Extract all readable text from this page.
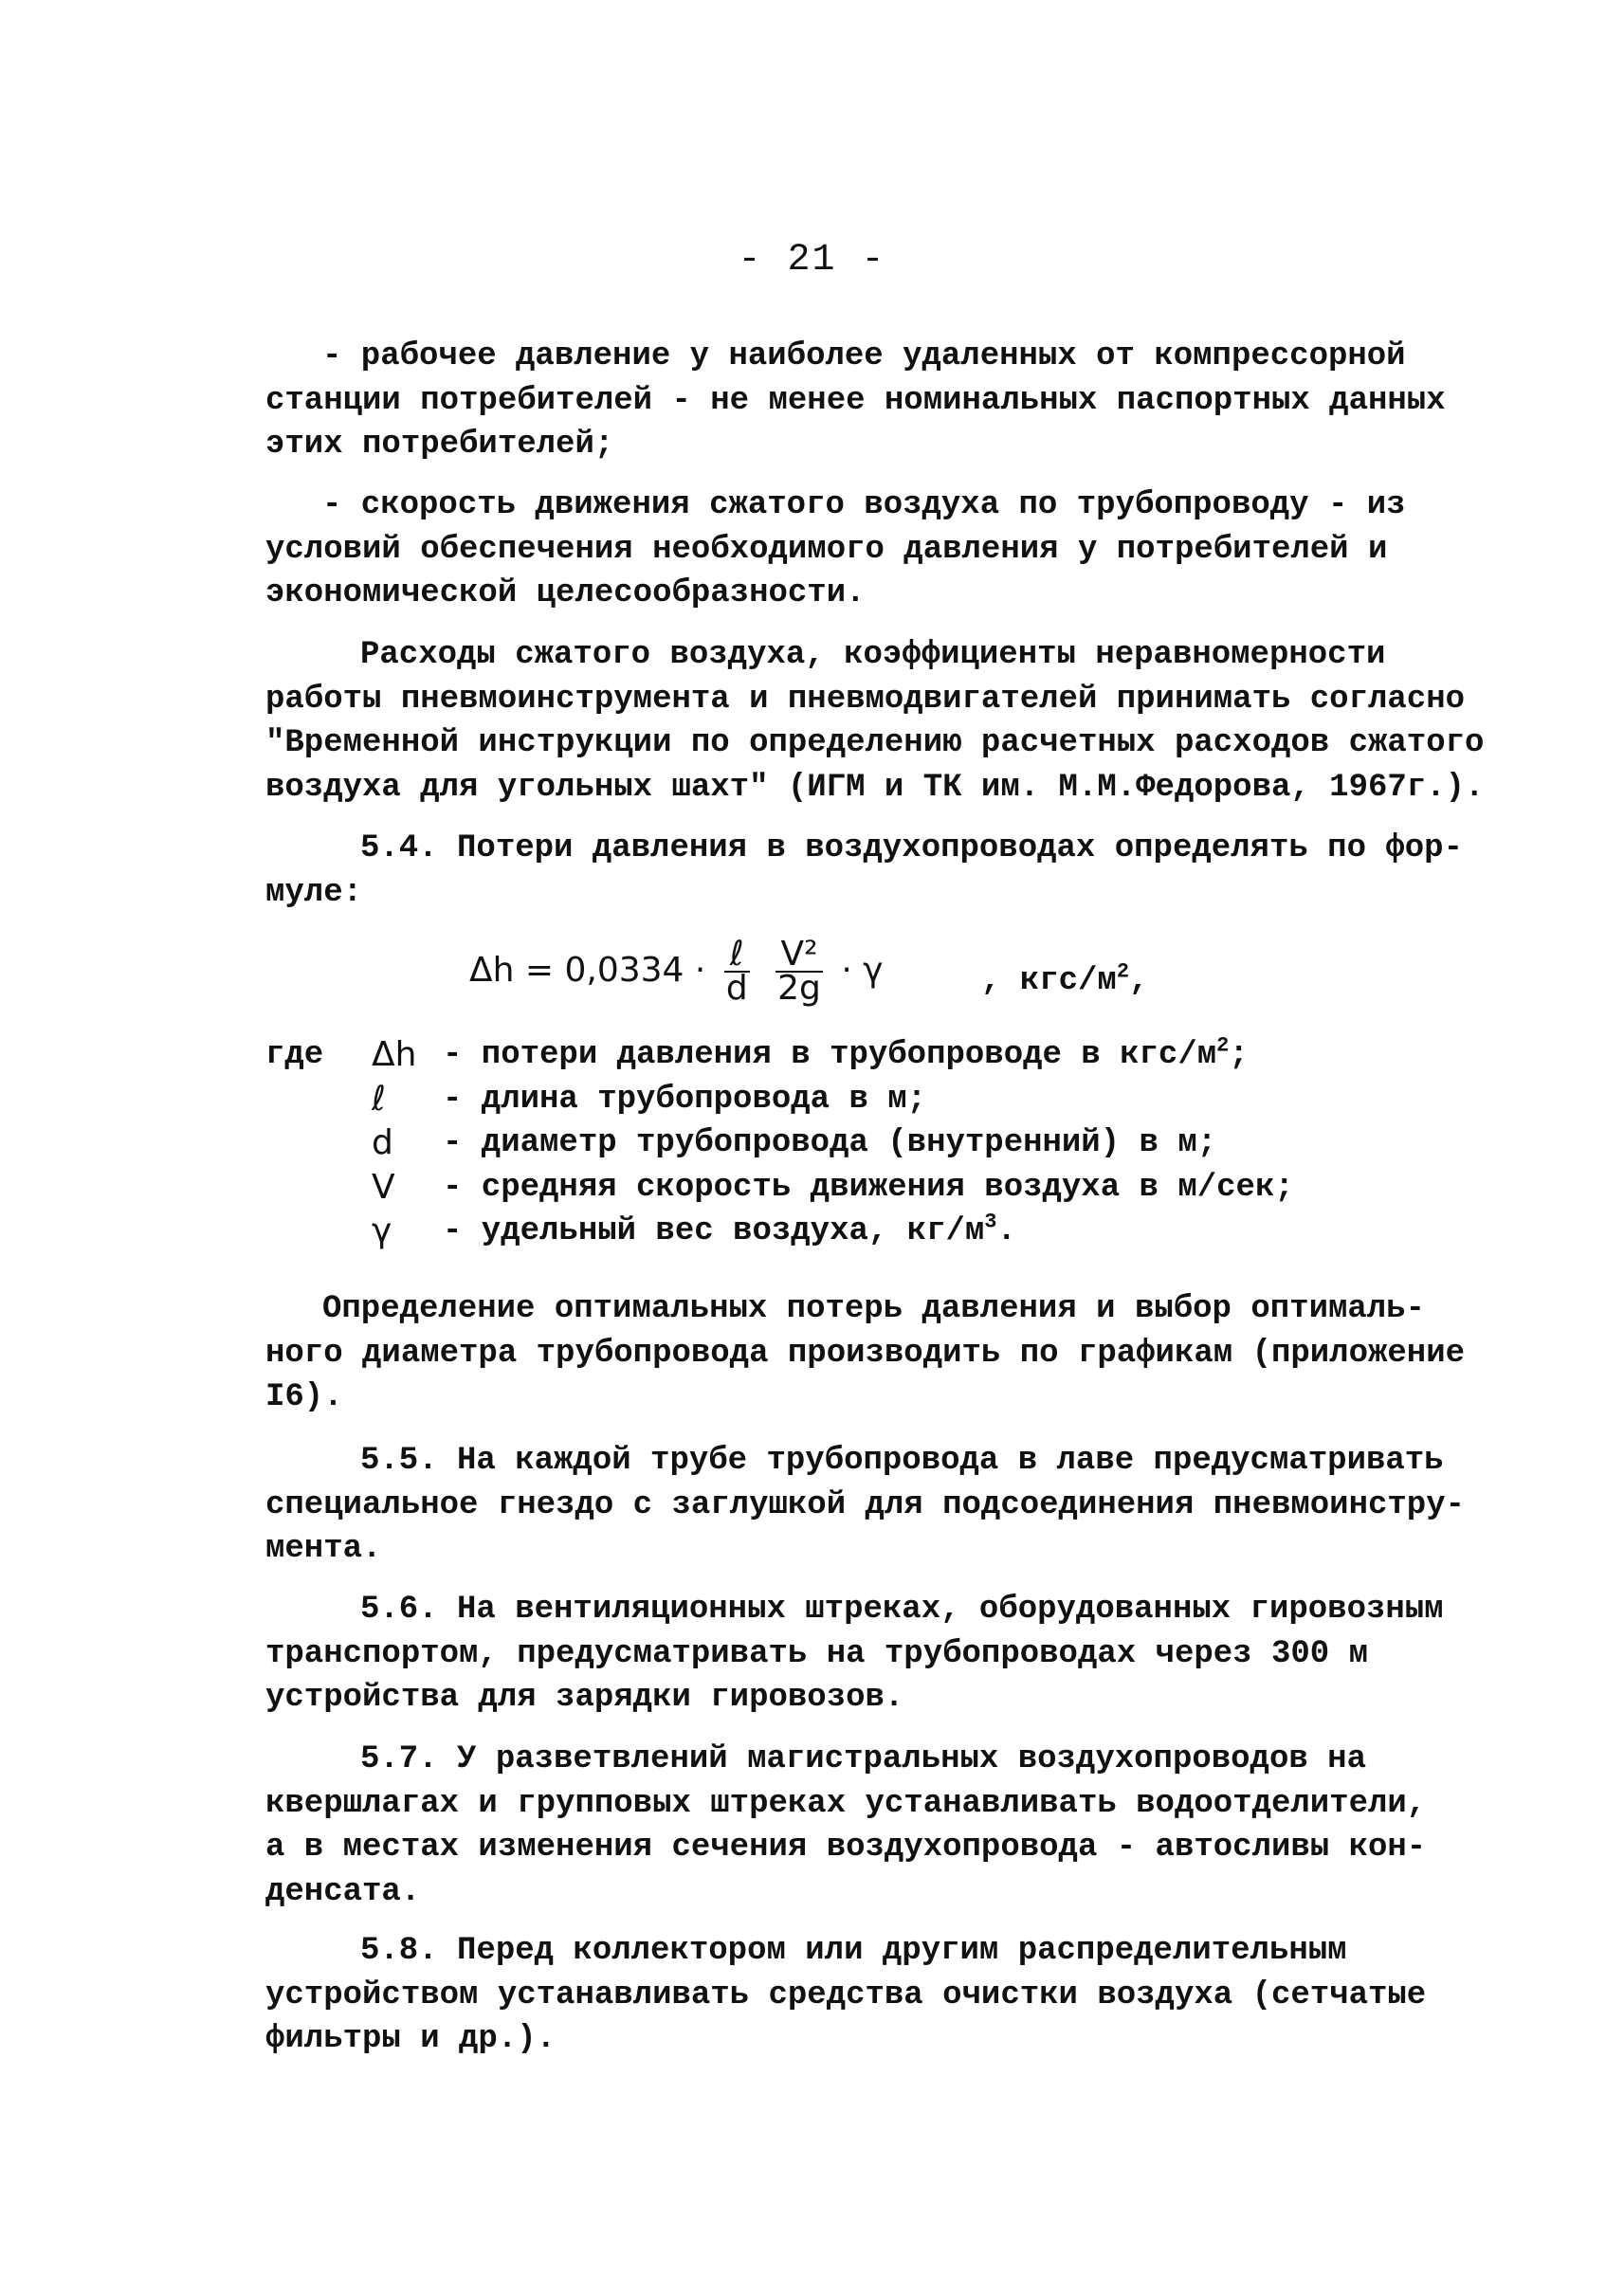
- 21 -
- рабочее давление у наиболее удаленных от компрессорной
станции потребителей - не менее номинальных паспортных данных
этих потребителей;
- скорость движения сжатого воздуха по трубопроводу - из
условий обеспечения необходимого давления у потребителей и
экономической целесообразности.
Расходы сжатого воздуха, коэффициенты неравномерности
работы пневмоинструмента и пневмодвигателей принимать согласно
"Временной инструкции по определению расчетных расходов сжатого
воздуха для угольных шахт" (ИГМ и ТК им. М.М.Федорова, 1967г.).
5.4. Потери давления в воздухопроводах определять по фор-
муле:
$\Delta h = 0,0334 \cdot \frac{\text{ℓ}}{d}$
$\frac{\text{V²}}{2g} \cdot \gamma$	, кгс/$м^2$,
где	Δh - потери давления в трубопроводе в кгс/$м^2$;
ℓ	- длина трубопровода в м;
d	- диаметр трубопровода (внутренний) в м;
V	- средняя скорость движения воздуха в м/сек;
γ	- удельный вес воздуха, $кг/м^3$.
Определение оптимальных потерь давления и выбор оптималь-
ного диаметра трубопровода производить по графикам (приложение
I6).
5.5. На каждой трубе трубопровода в лаве предусматривать
специальное гнездо с заглушкой для подсоединения пневмоинстру-
мента.
5.6. На вентиляционных штреках, оборудованных гировозным
транспортом, предусматривать на трубопроводах через 300 м
устройства для зарядки гировозов.
5.7. У разветвлений магистральных воздухопроводов на
квершлагах и групповых штреках устанавливать водоотделители,
а в местах изменения сечения воздухопровода - автосливы кон-
денсата.
5.8. Перед коллектором или другим распределительным
устройством устанавливать средства очистки воздуха (сетчатые
фильтры и др.).
